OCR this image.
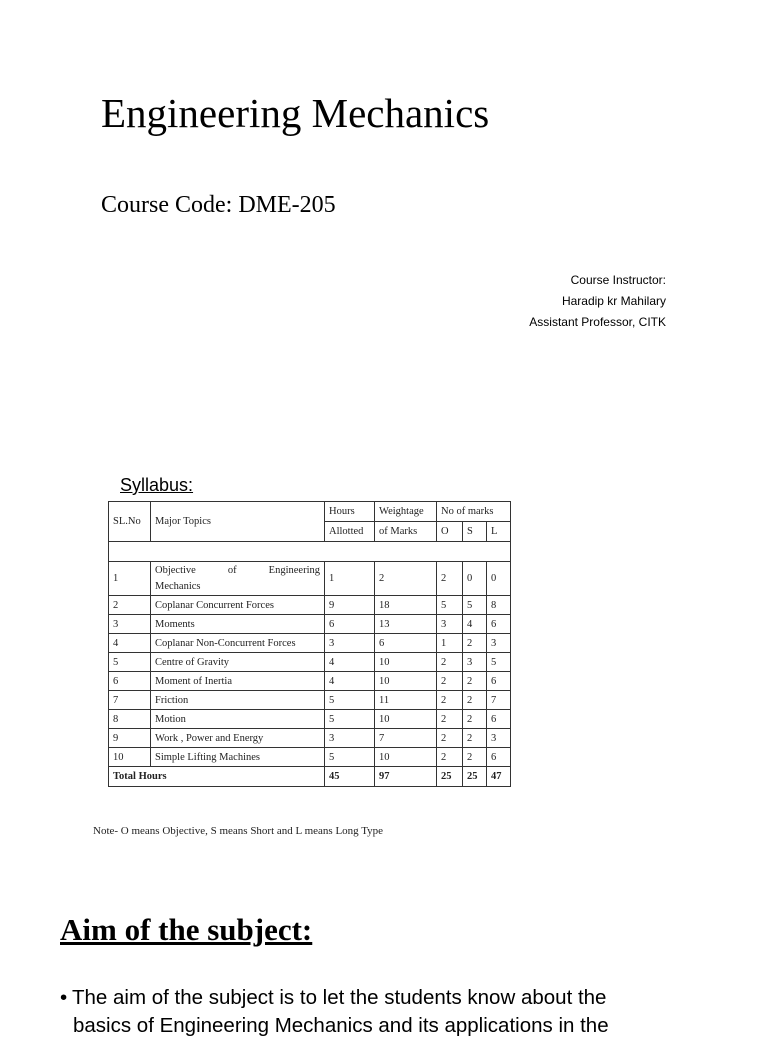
Engineering Mechanics
Course Code: DME-205
Course Instructor:
Haradip kr Mahilary
Assistant Professor, CITK
Syllabus:
SL.No	Major Topics	Hours	Weightage	No of marks		
		Allotted	of Marks	O	S	L

1	Objective of Engineering
Mechanics	1	2	2	0	0
2	Coplanar Concurrent Forces	9	18	5	5	8
3	Moments	6	13	3	4	6
4	Coplanar Non-Concurrent Forces	3	6	1	2	3
5	Centre of Gravity	4	10	2	3	5
6	Moment of Inertia	4	10	2	2	6
7	Friction	5	11	2	2	7
8	Motion	5	10	2	2	6
9	Work , Power and Energy	3	7	2	2	3
10	Simple Lifting Machines	5	10	2	2	6
Total Hours		45	97	25	25	47
Note- O means Objective, S means Short and L means Long Type
Aim of the subject:
• The aim of the subject is to let the students know about the
basics of Engineering Mechanics and its applications in the
